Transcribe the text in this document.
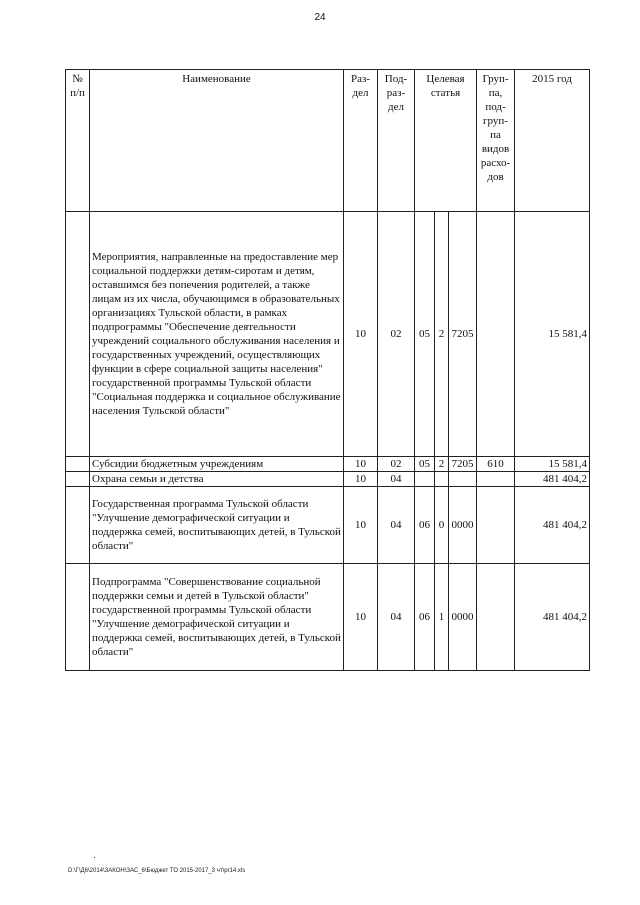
24
№ п/п	Наименование	Раз- дел	Под- раз- дел	Целевая статья			Груп- па, под- груп- па видов расхо- дов	2015 год
	Мероприятия, направленные на предоставление мер социальной поддержки детям-сиротам и детям, оставшимся без попечения родителей, а также лицам из их числа, обучающимся в образовательных организациях Тульской области, в рамках подпрограммы "Обеспечение деятельности учреждений социального обслуживания населения и государственных учреждений, осуществляющих функции в сфере социальной защиты населения" государственной программы Тульской области "Социальная поддержка и социальное обслуживание населения Тульской области"	10	02	05	2	7205		15 581,4
	Субсидии бюджетным учреждениям	10	02	05	2	7205	610	15 581,4
	Охрана семьи и детства	10	04					481 404,2
	Государственная программа Тульской области "Улучшение демографической ситуации и поддержка семей, воспитывающих детей, в Тульской области"	10	04	06	0	0000		481 404,2
	Подпрограмма "Совершенствование социальной поддержки семьи и детей в Тульской области" государственной программы Тульской области "Улучшение демографической ситуации и поддержка семей, воспитывающих детей, в Тульской области"	10	04	06	1	0000		481 404,2
D:\Г\Д6\2014\ЗАКОН\ЗАС_6\Бюджет ТО 2015-2017_3 чт\pr14.xls
